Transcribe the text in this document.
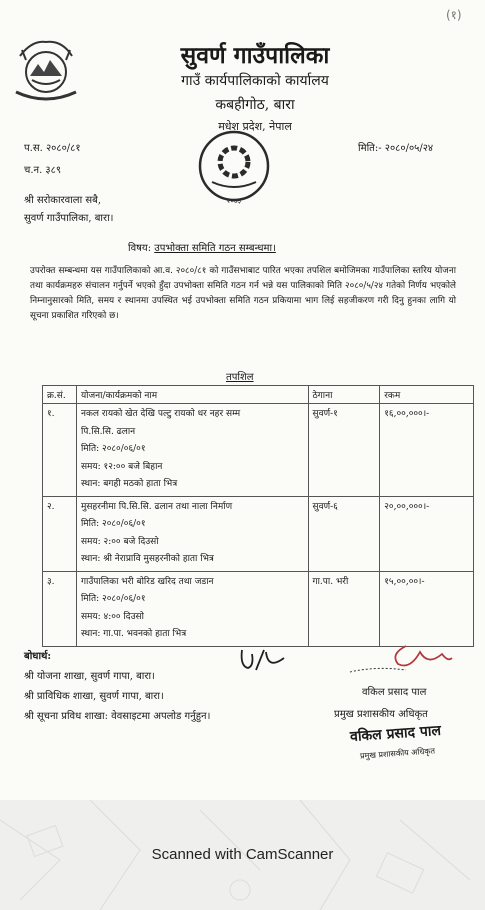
(१)
सुवर्ण गाउँपालिका
गाउँ कार्यपालिकाको कार्यालय
कबहीगोठ, बारा
मधेश प्रदेश, नेपाल
२०७३
प.स. २०८०/८१
च.न. ३८९
मिति:- २०८०/०५/२४
श्री सरोकारवाला सबै,
सुवर्ण गाउँपालिका, बारा।
विषय: उपभोक्ता समिति गठन सम्बन्धमा।
उपरोक्त सम्बन्धमा यस गाउँपालिकाको आ.व. २०८०/८१ को गाउँसभाबाट पारित भएका तपशिल बमोजिमका गाउँपालिका स्तरिय योजना तथा कार्यक्रमहरु संचालन गर्नुपर्ने भएको हुँदा उपभोक्ता समिति गठन गर्न भन्ने यस पालिकाको मिति २०८०/५/२४ गतेको निर्णय भएकोले निम्नानुसारको मिति, समय र स्थानमा उपस्थित भई उपभोक्ता समिति गठन प्रकियामा भाग लिई सहजीकरण गरी दिनु हुनका लागि यो सूचना प्रकाशित गरिएको छ।
तपशिल
क्र.सं.	योजना/कार्यक्रमको नाम	ठेगाना	रकम
१.	नकल रायको खेत देखि पल्टु रायको धर नहर सम्म
पि.सि.सि. ढलान
मिति: २०८०/०६/०१
समय: १२:०० बजे बिहान
स्थान: बगही मठको हाता भित्र	सुवर्ण-१	१६,००,०००।-
२.	मुसहरनीमा पि.सि.सि. ढलान तथा नाला निर्माण
मिति: २०८०/०६/०१
समय: २:०० बजे दिउसो
स्थान: श्री नेराप्रावि मुसहरनीको हाता भित्र	सुवर्ण-६	२०,००,०००।-
३.	गाउँपालिका भरी बोरिड खरिद तथा जडान
मिति: २०८०/०६/०१
समय: ४:०० दिउसो
स्थान: गा.पा. भवनको हाता भित्र	गा.पा. भरी	१५,००,००।-
बोधार्थ:
श्री योजना शाखा, सुवर्ण गापा, बारा।
श्री प्राविधिक शाखा, सुवर्ण गापा, बारा।
श्री सूचना प्रविध शाखा: वेवसाइटमा अपलोड गर्नुहुन।
वकिल प्रसाद पाल
प्रमुख प्रशासकीय अधिकृत
वकिल प्रसाद पाल
प्रमुख प्रशासकीय अधिकृत
Scanned with CamScanner
